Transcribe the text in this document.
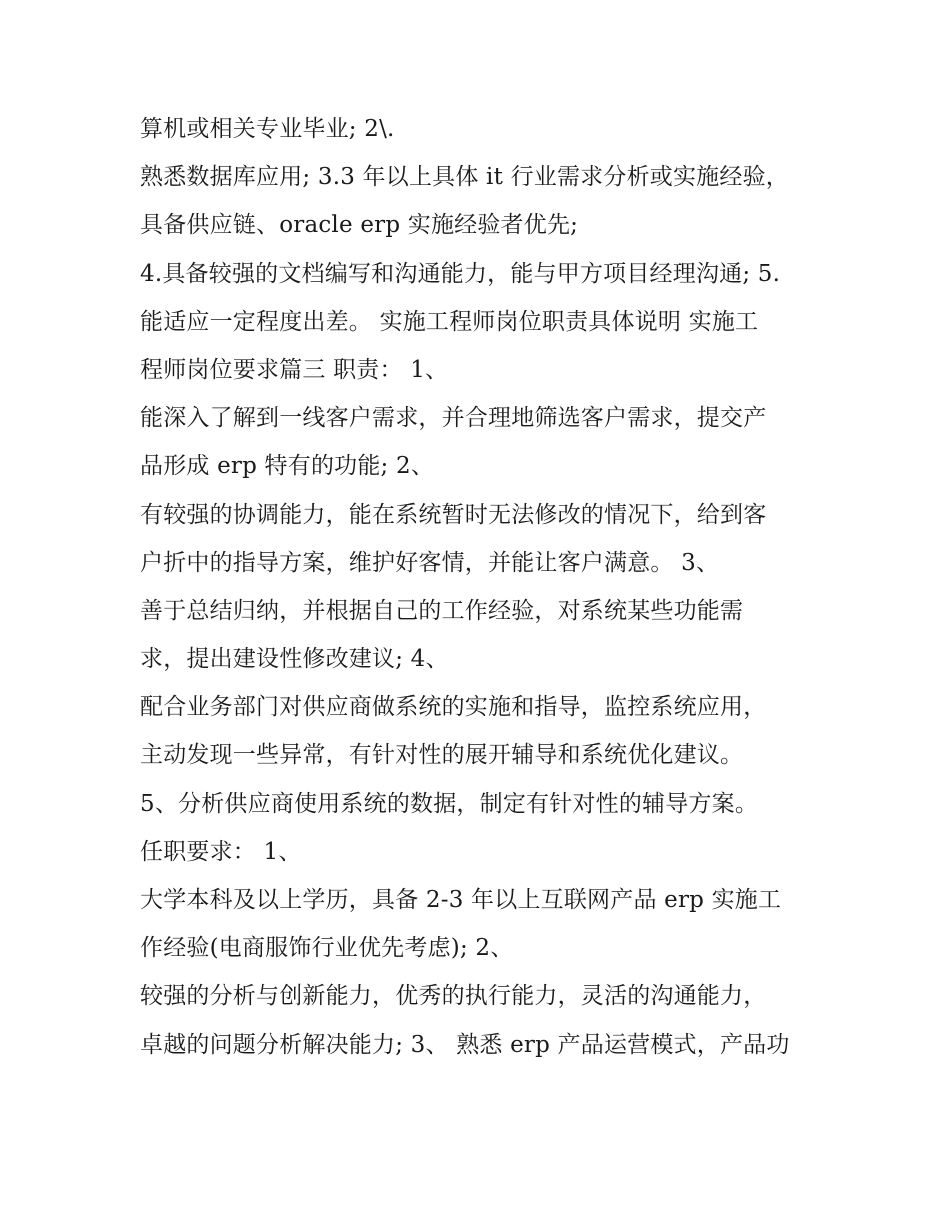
算机或相关专业毕业; 2\.
熟悉数据库应用; 3.3 年以上具体 it 行业需求分析或实施经验，
具备供应链、oracle erp 实施经验者优先;
4.具备较强的文档编写和沟通能力，能与甲方项目经理沟通; 5.
能适应一定程度出差。 实施工程师岗位职责具体说明 实施工
程师岗位要求篇三 职责： 1、
能深入了解到一线客户需求，并合理地筛选客户需求，提交产
品形成 erp 特有的功能; 2、
有较强的协调能力，能在系统暂时无法修改的情况下，给到客
户折中的指导方案，维护好客情，并能让客户满意。 3、
善于总结归纳，并根据自己的工作经验，对系统某些功能需
求，提出建设性修改建议; 4、
配合业务部门对供应商做系统的实施和指导，监控系统应用，
主动发现一些异常，有针对性的展开辅导和系统优化建议。
5、分析供应商使用系统的数据，制定有针对性的辅导方案。
任职要求： 1、
大学本科及以上学历，具备 2-3 年以上互联网产品 erp 实施工
作经验(电商服饰行业优先考虑); 2、
较强的分析与创新能力，优秀的执行能力，灵活的沟通能力，
卓越的问题分析解决能力; 3、 熟悉 erp 产品运营模式，产品功
